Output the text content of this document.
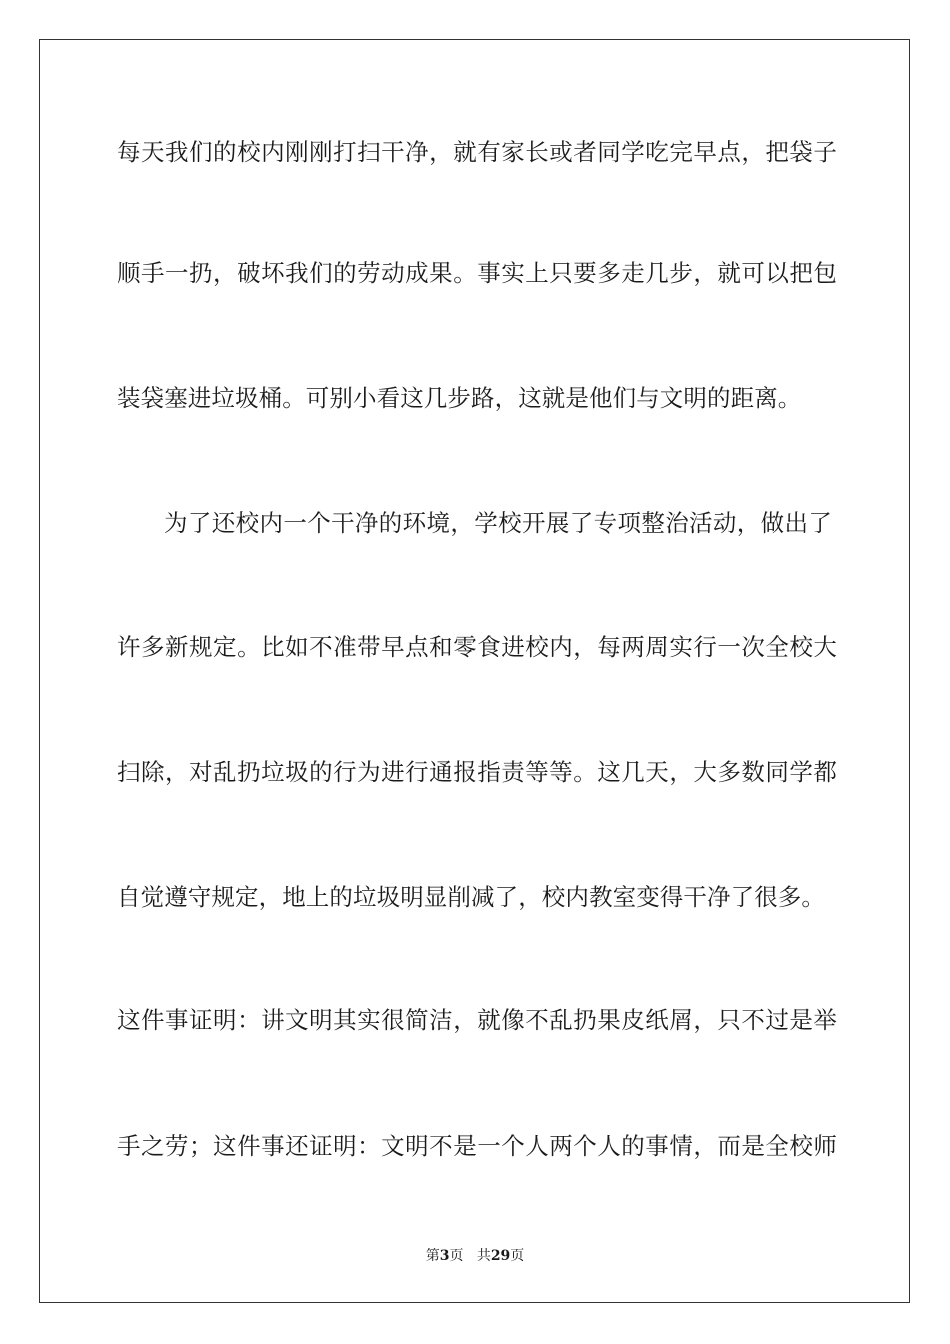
每天我们的校内刚刚打扫干净，就有家长或者同学吃完早点，把袋子
顺手一扔，破坏我们的劳动成果。事实上只要多走几步，就可以把包
装袋塞进垃圾桶。可别小看这几步路，这就是他们与文明的距离。
为了还校内一个干净的环境，学校开展了专项整治活动，做出了
许多新规定。比如不准带早点和零食进校内，每两周实行一次全校大
扫除，对乱扔垃圾的行为进行通报指责等等。这几天，大多数同学都
自觉遵守规定，地上的垃圾明显削减了，校内教室变得干净了很多。
这件事证明：讲文明其实很简洁，就像不乱扔果皮纸屑，只不过是举
手之劳；这件事还证明：文明不是一个人两个人的事情，而是全校师
第3页 共29页
